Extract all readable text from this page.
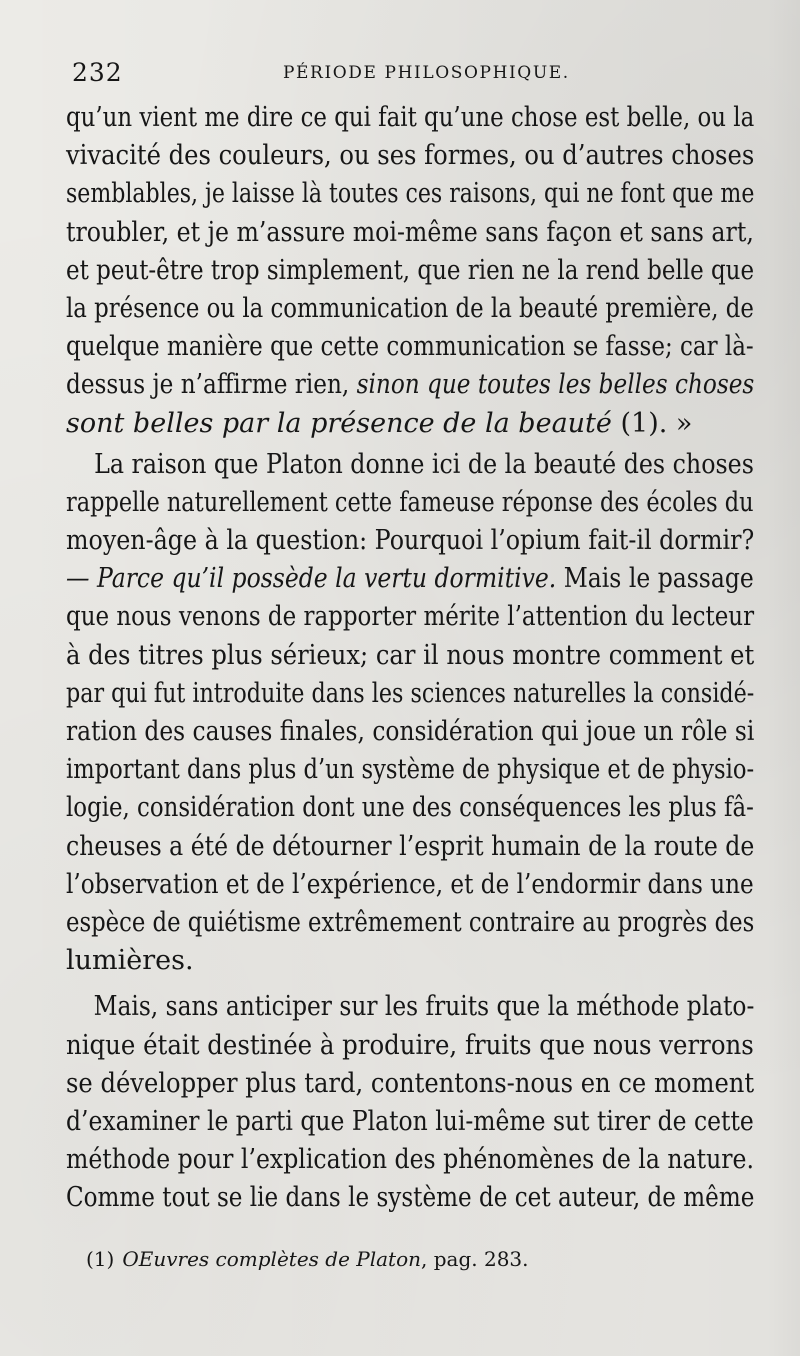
232	PÉRIODE PHILOSOPHIQUE.
qu’un vient me dire ce qui fait qu’une chose est belle, ou la
vivacité des couleurs, ou ses formes, ou d’autres choses
semblables, je laisse là toutes ces raisons, qui ne font que me
troubler, et je m’assure moi-même sans façon et sans art,
et peut-être trop simplement, que rien ne la rend belle que
la présence ou la communication de la beauté première, de
quelque manière que cette communication se fasse; car là-
dessus je n’affirme rien, sinon que toutes les belles choses
sont belles par la présence de la beauté (1). »
La raison que Platon donne ici de la beauté des choses
rappelle naturellement cette fameuse réponse des écoles du
moyen-âge à la question: Pourquoi l’opium fait-il dormir?
— Parce qu’il possède la vertu dormitive. Mais le passage
que nous venons de rapporter mérite l’attention du lecteur
à des titres plus sérieux; car il nous montre comment et
par qui fut introduite dans les sciences naturelles la considé-
ration des causes finales, considération qui joue un rôle si
important dans plus d’un système de physique et de physio-
logie, considération dont une des conséquences les plus fâ-
cheuses a été de détourner l’esprit humain de la route de
l’observation et de l’expérience, et de l’endormir dans une
espèce de quiétisme extrêmement contraire au progrès des
lumières.
Mais, sans anticiper sur les fruits que la méthode plato-
nique était destinée à produire, fruits que nous verrons
se développer plus tard, contentons-nous en ce moment
d’examiner le parti que Platon lui-même sut tirer de cette
méthode pour l’explication des phénomènes de la nature.
Comme tout se lie dans le système de cet auteur, de même
(1) OEuvres complètes de Platon, pag. 283.
